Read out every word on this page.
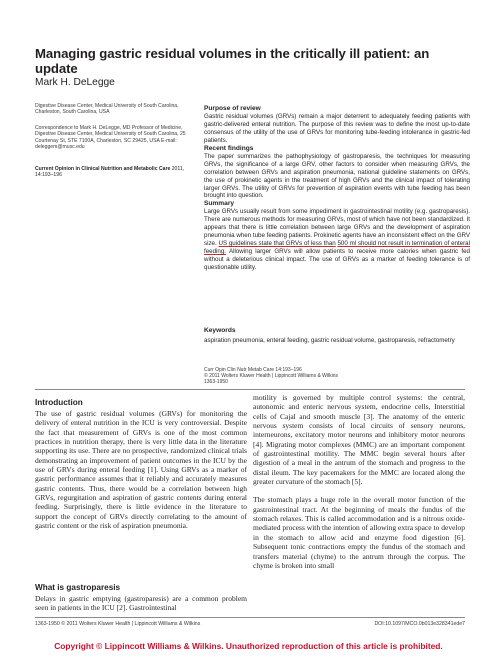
Managing gastric residual volumes in the critically ill patient: an update
Mark H. DeLegge
Digestive Disease Center, Medical University of South Carolina, Charleston, South Carolina, USA
Correspondence to Mark H. DeLegge, MD Professor of Medicine, Digestive Disease Center, Medical University of South Carolina, 25 Courtenay St, STE 7100A, Charleston, SC 29425, USA E-mail: deleggem@musc.edu
Current Opinion in Clinical Nutrition and Metabolic Care 2011, 14:193–196
Purpose of review

Gastric residual volumes (GRVs) remain a major deterrent to adequately feeding patients with gastric-delivered enteral nutrition. The purpose of this review was to define the most up-to-date consensus of the utility of the use of GRVs for monitoring tube-feeding intolerance in gastric-fed patients.

Recent findings

The paper summarizes the pathophysiology of gastroparesis, the techniques for measuring GRVs, the significance of a large GRV, other factors to consider when measuring GRVs, the correlation between GRVs and aspiration pneumonia, national guideline statements on GRVs, the use of prokinetic agents in the treatment of high GRVs and the clinical impact of tolerating larger GRVs. The utility of GRVs for prevention of aspiration events with tube feeding has been brought into question.

Summary

Large GRVs usually result from some impediment in gastrointestinal motility (e.g. gastroparesis). There are numerous methods for measuring GRVs, most of which have not been standardized. It appears that there is little correlation between large GRVs and the development of aspiration pneumonia when tube feeding patients. Prokinetic agents have an inconsistent effect on the GRV size. US guidelines state that GRVs of less than 500 ml should not result in termination of enteral feeding. Allowing larger GRVs will allow patients to receive more calories when gastric fed without a deleterious clinical impact. The use of GRVs as a marker of feeding tolerance is of questionable utility.

Keywords
aspiration pneumonia, enteral feeding, gastric residual volume, gastroparesis, refractometry
Curr Opin Clin Nutr Metab Care 14:193–196
© 2011 Wolters Kluwer Health | Lippincott Williams & Wilkins
1363-1950
Introduction
The use of gastric residual volumes (GRVs) for monitoring the delivery of enteral nutrition in the ICU is very controversial. Despite the fact that measurement of GRVs is one of the most common practices in nutrition therapy, there is very little data in the literature supporting its use. There are no prospective, randomized clinical trials demonstrating an improvement of patient outcomes in the ICU by the use of GRVs during enteral feeding [1]. Using GRVs as a marker of gastric performance assumes that it reliably and accurately measures gastric contents. Thus, there would be a correlation between high GRVs, regurgitation and aspiration of gastric contents during enteral feeding. Surprisingly, there is little evidence in the literature to support the concept of GRVs directly correlating to the amount of gastric content or the risk of aspiration pneumonia.
What is gastroparesis
Delays in gastric emptying (gastroparesis) are a common problem seen in patients in the ICU [2]. Gastrointestinal

motility is governed by multiple control systems: the central, autonomic and enteric nervous system, endocrine cells, Interstitial cells of Cajal and smooth muscle [3]. The anatomy of the enteric nervous system consists of local circuits of sensory neurons, interneurons, excitatory motor neurons and inhibitory motor neurons [4]. Migrating motor complexes (MMC) are an important component of gastrointestinal motility. The MMC begin several hours after digestion of a meal in the antrum of the stomach and progress to the distal ileum. The key pacemakers for the MMC are located along the greater curvature of the stomach [5].

The stomach plays a huge role in the overall motor function of the gastrointestinal tract. At the beginning of meals the fundus of the stomach relaxes. This is called accommodation and is a nitrous oxide-mediated process with the intention of allowing extra space to develop in the stomach to allow acid and enzyme food digestion [6]. Subsequent tonic contractions empty the fundus of the stomach and transfers material (chyme) to the antrum through the corpus. The chyme is broken into small

1363-1950 © 2011 Wolters Kluwer Health | Lippincott Williams & Wilkins	DOI:10.1097/MCO.0b013e328341ede7
Copyright © Lippincott Williams & Wilkins. Unauthorized reproduction of this article is prohibited.
